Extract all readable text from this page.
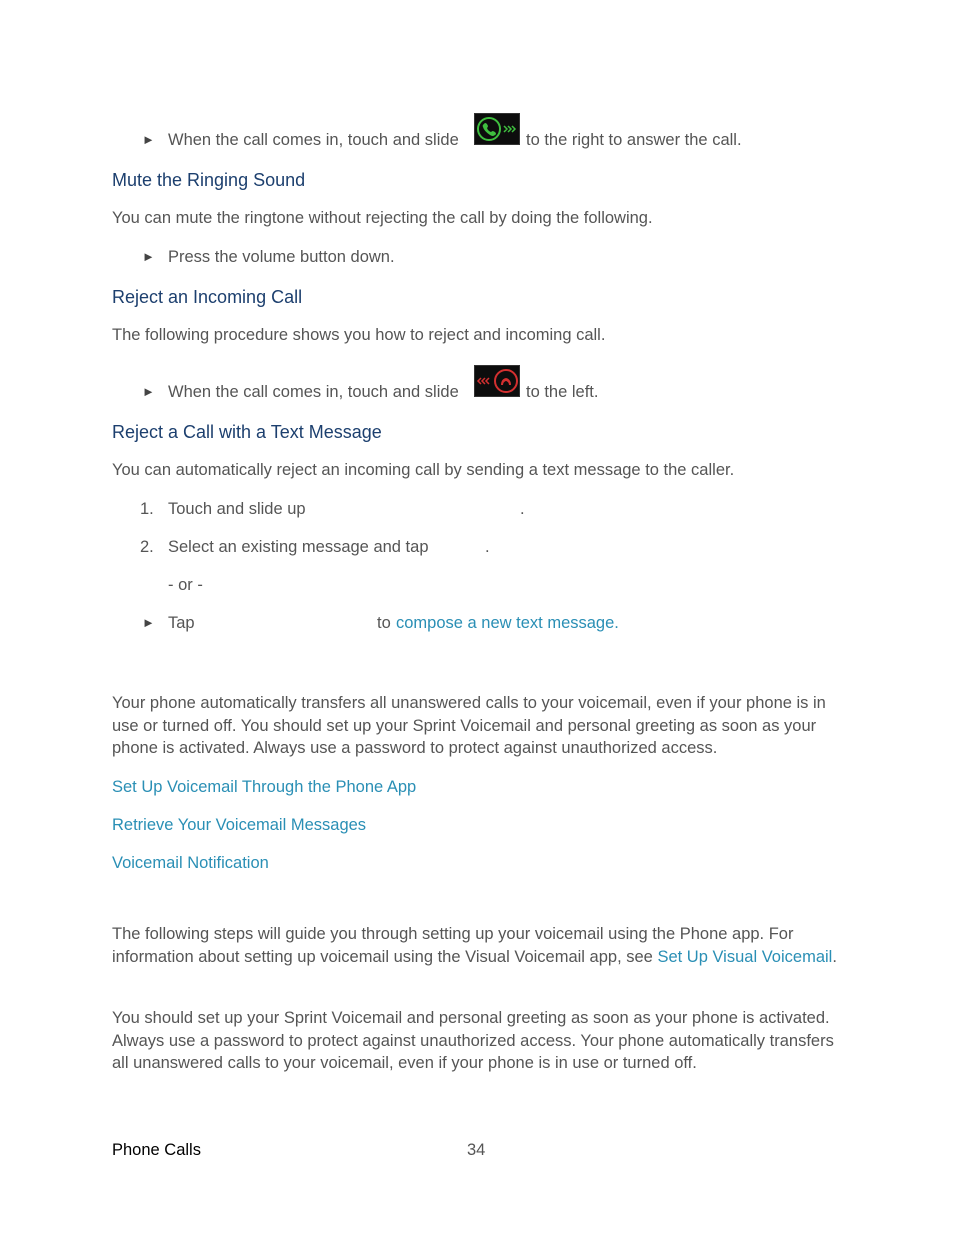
► When the call comes in, touch and slide	to the right to answer the call.
Mute the Ringing Sound
You can mute the ringtone without rejecting the call by doing the following.
► Press the volume button down.
Reject an Incoming Call
The following procedure shows you how to reject and incoming call.
► When the call comes in, touch and slide	to the left.
Reject a Call with a Text Message
You can automatically reject an incoming call by sending a text message to the caller.
1. Touch and slide up	.
2. Select an existing message and tap	.
- or -
► Tap	to compose a new text message.
Your phone automatically transfers all unanswered calls to your voicemail, even if your phone is in use or turned off. You should set up your Sprint Voicemail and personal greeting as soon as your phone is activated. Always use a password to protect against unauthorized access.
Set Up Voicemail Through the Phone App
Retrieve Your Voicemail Messages
Voicemail Notification
The following steps will guide you through setting up your voicemail using the Phone app. For information about setting up voicemail using the Visual Voicemail app, see Set Up Visual Voicemail.
You should set up your Sprint Voicemail and personal greeting as soon as your phone is activated. Always use a password to protect against unauthorized access. Your phone automatically transfers all unanswered calls to your voicemail, even if your phone is in use or turned off.
Phone Calls	34
